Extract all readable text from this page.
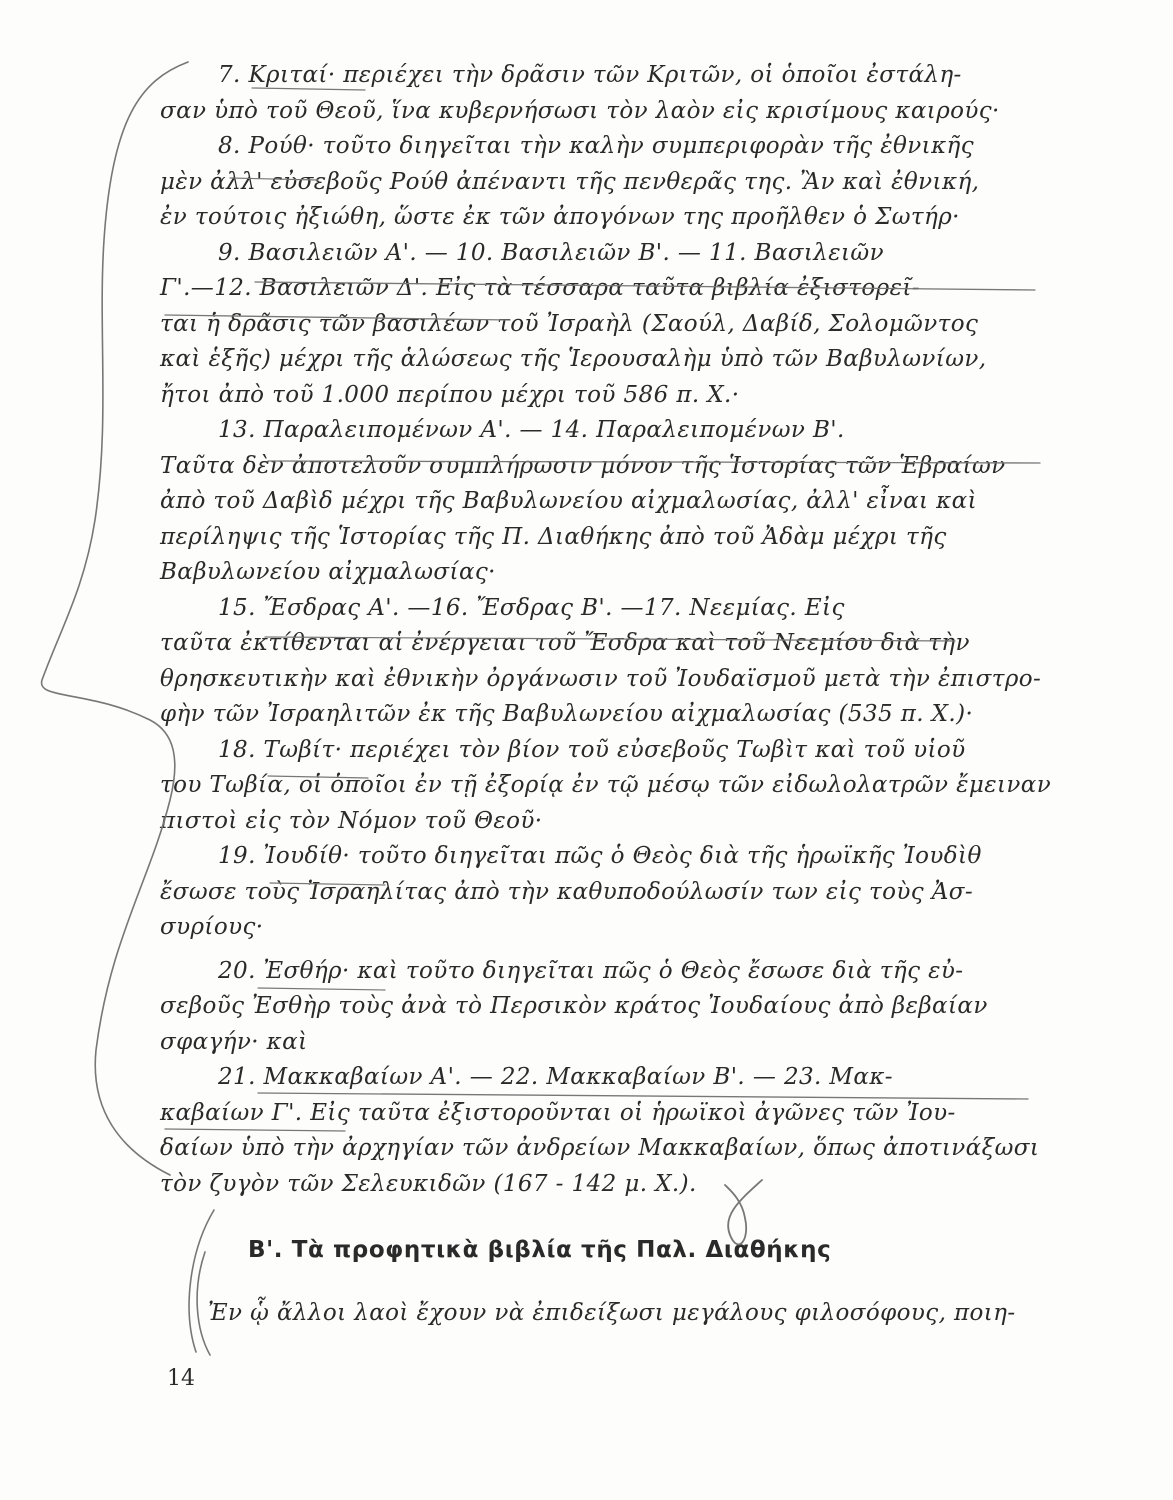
7. Κριταί· περιέχει τὴν δρᾶσιν τῶν Κριτῶν, οἱ ὁποῖοι ἐστάλη-
σαν ὑπὸ τοῦ Θεοῦ, ἵνα κυβερνήσωσι τὸν λαὸν εἰς κρισίμους καιρούς·
8. Ρούθ· τοῦτο διηγεῖται τὴν καλὴν συμπεριφορὰν τῆς ἐθνικῆς
μὲν ἀλλ' εὐσεβοῦς Ρούθ ἀπέναντι τῆς πενθερᾶς της. Ἂν καὶ ἐθνική,
ἐν τούτοις ἠξιώθη, ὥστε ἐκ τῶν ἀπογόνων της προῆλθεν ὁ Σωτήρ·
9. Βασιλειῶν Α'. — 10. Βασιλειῶν Β'. — 11. Βασιλειῶν
Γ'.—12. Βασιλειῶν Δ'. Εἰς τὰ τέσσαρα ταῦτα βιβλία ἐξιστορεῖ-
ται ἡ δρᾶσις τῶν βασιλέων τοῦ Ἰσραὴλ (Σαούλ, Δαβίδ, Σολομῶντος
καὶ ἑξῆς) μέχρι τῆς ἁλώσεως τῆς Ἱερουσαλὴμ ὑπὸ τῶν Βαβυλωνίων,
ἤτοι ἀπὸ τοῦ 1.000 περίπου μέχρι τοῦ 586 π. Χ.·
13. Παραλειπομένων Α'. — 14. Παραλειπομένων Β'.
Ταῦτα δὲν ἀποτελοῦν συμπλήρωσιν μόνον τῆς Ἱστορίας τῶν Ἑβραίων
ἀπὸ τοῦ Δαβὶδ μέχρι τῆς Βαβυλωνείου αἰχμαλωσίας, ἀλλ' εἶναι καὶ
περίληψις τῆς Ἱστορίας τῆς Π. Διαθήκης ἀπὸ τοῦ Ἀδὰμ μέχρι τῆς
Βαβυλωνείου αἰχμαλωσίας·
15. Ἔσδρας Α'. —16. Ἔσδρας Β'. —17. Νεεμίας. Εἰς
ταῦτα ἐκτίθενται αἱ ἐνέργειαι τοῦ Ἔσδρα καὶ τοῦ Νεεμίου διὰ τὴν
θρησκευτικὴν καὶ ἐθνικὴν ὀργάνωσιν τοῦ Ἰουδαϊσμοῦ μετὰ τὴν ἐπιστρο-
φὴν τῶν Ἰσραηλιτῶν ἐκ τῆς Βαβυλωνείου αἰχμαλωσίας (535 π. Χ.)·
18. Τωβίτ· περιέχει τὸν βίον τοῦ εὐσεβοῦς Τωβὶτ καὶ τοῦ υἱοῦ
του Τωβία, οἱ ὁποῖοι ἐν τῇ ἐξορίᾳ ἐν τῷ μέσῳ τῶν εἰδωλολατρῶν ἔμειναν
πιστοὶ εἰς τὸν Νόμον τοῦ Θεοῦ·
19. Ἰουδίθ· τοῦτο διηγεῖται πῶς ὁ Θεὸς διὰ τῆς ἡρωϊκῆς Ἰουδὶθ
ἔσωσε τοὺς Ἰσραηλίτας ἀπὸ τὴν καθυποδούλωσίν των εἰς τοὺς Ἀσ-
συρίους·
20. Ἐσθήρ· καὶ τοῦτο διηγεῖται πῶς ὁ Θεὸς ἔσωσε διὰ τῆς εὐ-
σεβοῦς Ἐσθὴρ τοὺς ἀνὰ τὸ Περσικὸν κράτος Ἰουδαίους ἀπὸ βεβαίαν
σφαγήν· καὶ
21. Μακκαβαίων Α'. — 22. Μακκαβαίων Β'. — 23. Μακ-
καβαίων Γ'. Εἰς ταῦτα ἐξιστοροῦνται οἱ ἡρωϊκοὶ ἀγῶνες τῶν Ἰου-
δαίων ὑπὸ τὴν ἀρχηγίαν τῶν ἀνδρείων Μακκαβαίων, ὅπως ἀποτινάξωσι
τὸν ζυγὸν τῶν Σελευκιδῶν (167 - 142 μ. Χ.).
Β'. Τὰ προφητικὰ βιβλία τῆς Παλ. Διαθήκης
Ἐν ᾧ ἄλλοι λαοὶ ἔχουν νὰ ἐπιδείξωσι μεγάλους φιλοσόφους, ποιη-
14
